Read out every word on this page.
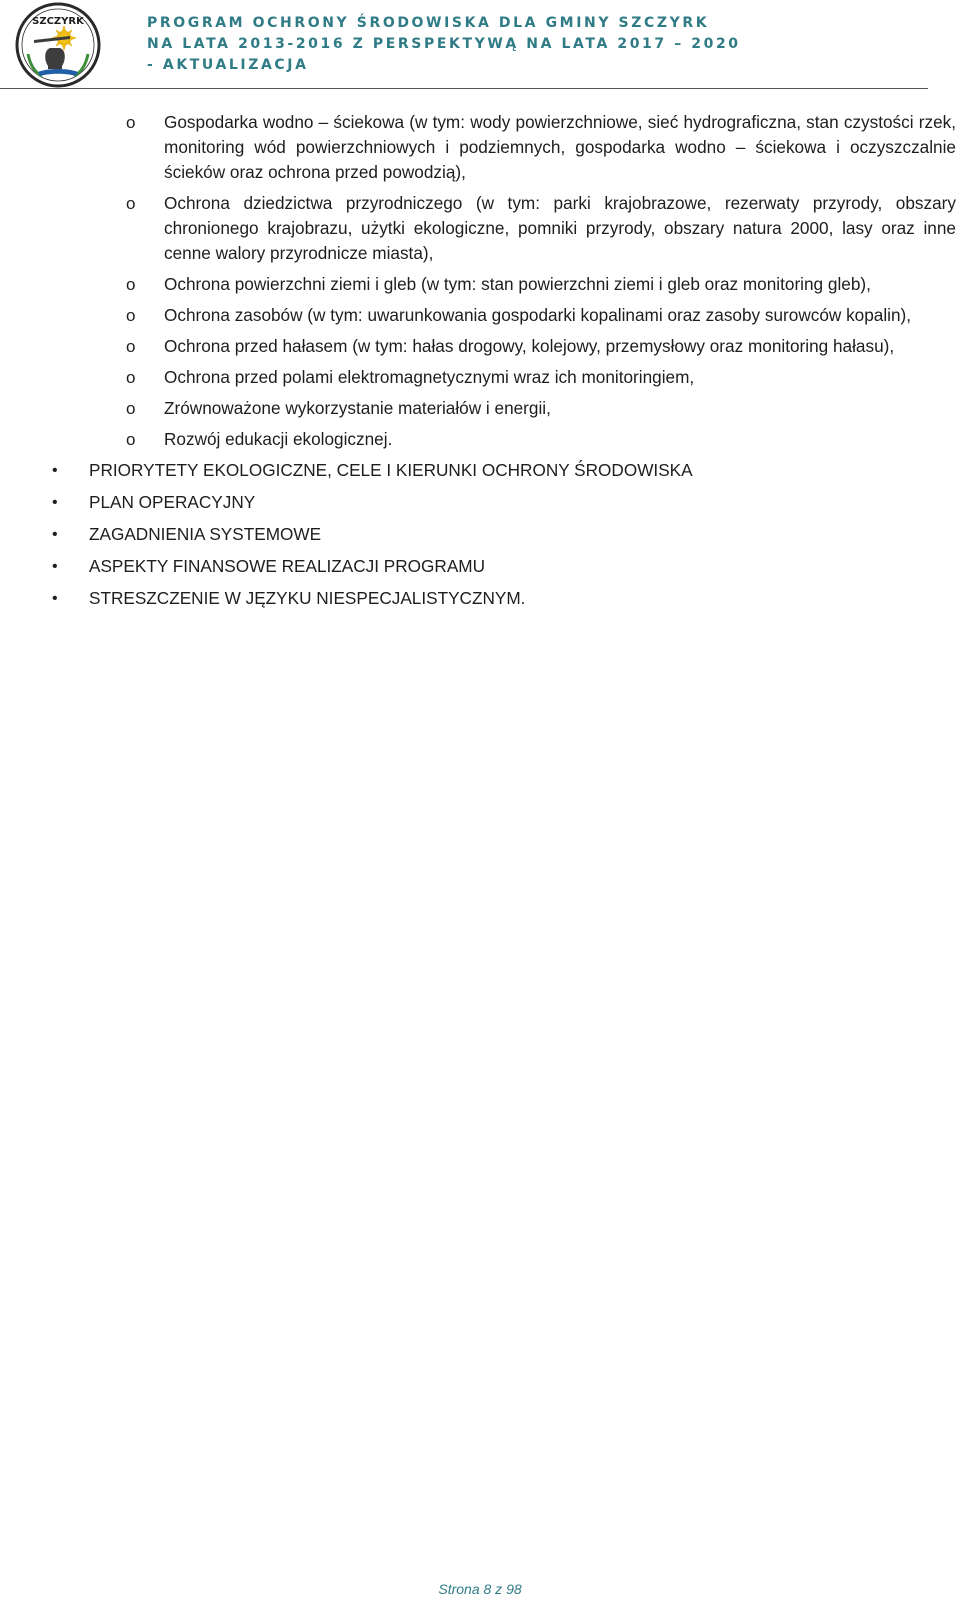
SZCZYRK	PROGRAM OCHRONY ŚRODOWISKA DLA GMINY SZCZYRK
NA LATA 2013-2016 Z PERSPEKTYWĄ NA LATA 2017 – 2020
- AKTUALIZACJA
o Gospodarka wodno – ściekowa (w tym: wody powierzchniowe, sieć hydrograficzna, stan czystości rzek, monitoring wód powierzchniowych i podziemnych, gospodarka wodno – ściekowa i oczyszczalnie ścieków oraz ochrona przed powodzią),
o Ochrona dziedzictwa przyrodniczego (w tym: parki krajobrazowe, rezerwaty przyrody, obszary chronionego krajobrazu, użytki ekologiczne, pomniki przyrody, obszary natura 2000, lasy oraz inne cenne walory przyrodnicze miasta),
o Ochrona powierzchni ziemi i gleb (w tym: stan powierzchni ziemi i gleb oraz monitoring gleb),
o Ochrona zasobów (w tym: uwarunkowania gospodarki kopalinami oraz zasoby surowców kopalin),
o Ochrona przed hałasem (w tym: hałas drogowy, kolejowy, przemysłowy oraz monitoring hałasu),
o Ochrona przed polami elektromagnetycznymi wraz ich monitoringiem,
o Zrównoważone wykorzystanie materiałów i energii,
o Rozwój edukacji ekologicznej.
• PRIORYTETY EKOLOGICZNE, CELE I KIERUNKI OCHRONY ŚRODOWISKA
• PLAN OPERACYJNY
• ZAGADNIENIA SYSTEMOWE
• ASPEKTY FINANSOWE REALIZACJI PROGRAMU
• STRESZCZENIE W JĘZYKU NIESPECJALISTYCZNYM.
Strona 8 z 98
